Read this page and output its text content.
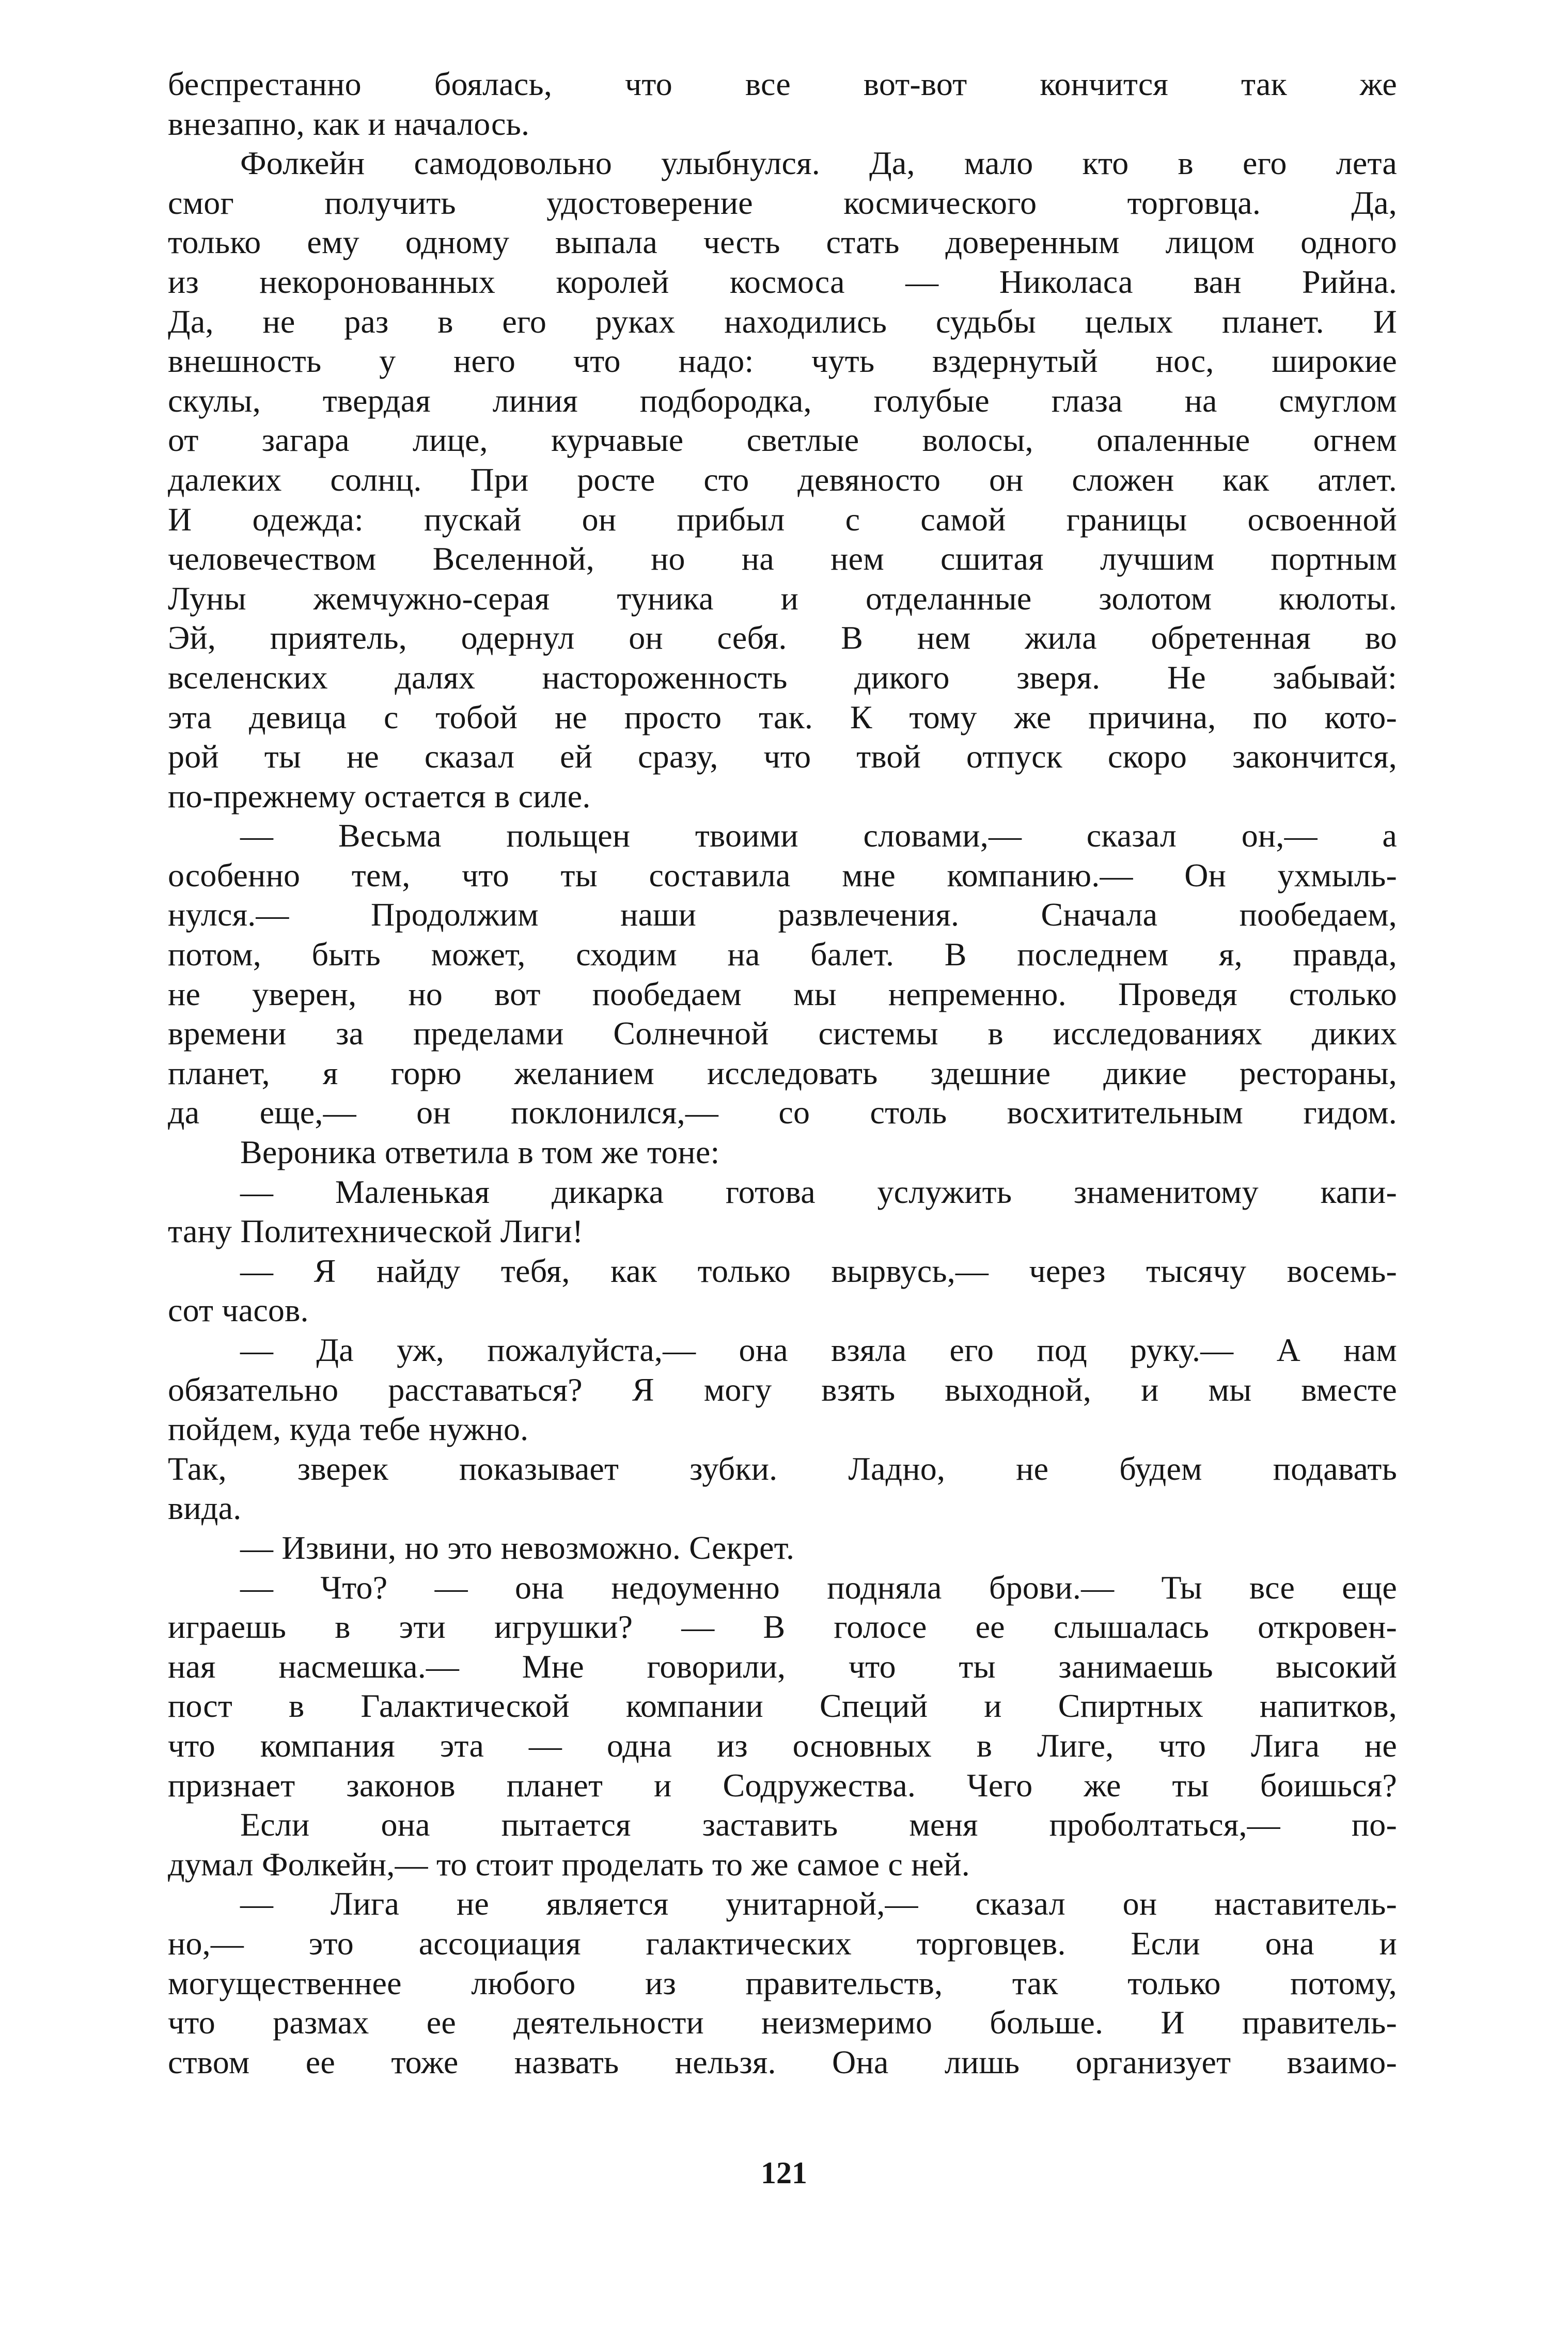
беспрестанно боялась, что все вот-вот кончится так же
внезапно, как и началось.
Фолкейн самодовольно улыбнулся. Да, мало кто в его лета
смог получить удостоверение космического торговца. Да,
только ему одному выпала честь стать доверенным лицом одного
из некоронованных королей космоса — Николаса ван Рийна.
Да, не раз в его руках находились судьбы целых планет. И
внешность у него что надо: чуть вздернутый нос, широкие
скулы, твердая линия подбородка, голубые глаза на смуглом
от загара лице, курчавые светлые волосы, опаленные огнем
далеких солнц. При росте сто девяносто он сложен как атлет.
И одежда: пускай он прибыл с самой границы освоенной
человечеством Вселенной, но на нем сшитая лучшим портным
Луны жемчужно-серая туника и отделанные золотом кюлоты.
Эй, приятель, одернул он себя. В нем жила обретенная во
вселенских далях настороженность дикого зверя. Не забывай:
эта девица с тобой не просто так. К тому же причина, по кото-
рой ты не сказал ей сразу, что твой отпуск скоро закончится,
по-прежнему остается в силе.
— Весьма польщен твоими словами,— сказал он,— а
особенно тем, что ты составила мне компанию.— Он ухмыль-
нулся.— Продолжим наши развлечения. Сначала пообедаем,
потом, быть может, сходим на балет. В последнем я, правда,
не уверен, но вот пообедаем мы непременно. Проведя столько
времени за пределами Солнечной системы в исследованиях диких
планет, я горю желанием исследовать здешние дикие рестораны,
да еще,— он поклонился,— со столь восхитительным гидом.
Вероника ответила в том же тоне:
— Маленькая дикарка готова услужить знаменитому капи-
тану Политехнической Лиги!
— Я найду тебя, как только вырвусь,— через тысячу восемь-
сот часов.
— Да уж, пожалуйста,— она взяла его под руку.— А нам
обязательно расставаться? Я могу взять выходной, и мы вместе
пойдем, куда тебе нужно.
Так, зверек показывает зубки. Ладно, не будем подавать
вида.
— Извини, но это невозможно. Секрет.
— Что? — она недоуменно подняла брови.— Ты все еще
играешь в эти игрушки? — В голосе ее слышалась откровен-
ная насмешка.— Мне говорили, что ты занимаешь высокий
пост в Галактической компании Специй и Спиртных напитков,
что компания эта — одна из основных в Лиге, что Лига не
признает законов планет и Содружества. Чего же ты боишься?
Если она пытается заставить меня проболтаться,— по-
думал Фолкейн,— то стоит проделать то же самое с ней.
— Лига не является унитарной,— сказал он наставитель-
но,— это ассоциация галактических торговцев. Если она и
могущественнее любого из правительств, так только потому,
что размах ее деятельности неизмеримо больше. И правитель-
ством ее тоже назвать нельзя. Она лишь организует взаимо-
121
